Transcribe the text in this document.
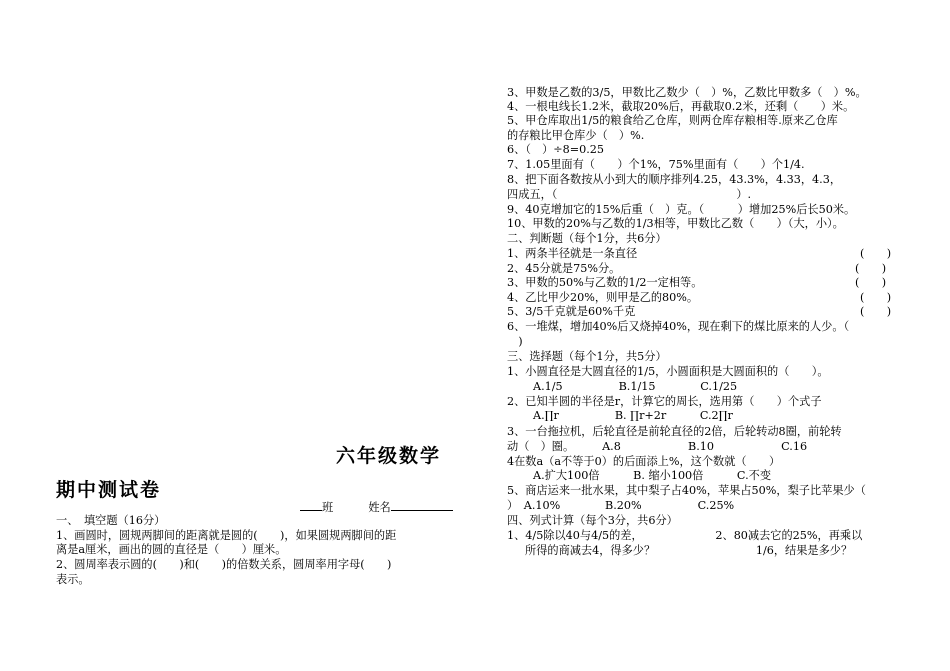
3、甲数是乙数的3/5，甲数比乙数少（　）%，乙数比甲数多（　）%。
4、一根电线长1.2米，截取20%后，再截取0.2米，还剩（　　）米。
5、甲仓库取出1/5的粮食给乙仓库，则两仓库存粮相等.原来乙仓库
的存粮比甲仓库少（　）%.
6、（　）÷8=0.25
7、1.05里面有（　　）个1%，75%里面有（　　）个1/4.
8、把下面各数按从小到大的顺序排列4.25，43.3%，4.33，4.3，
四成五，（　　　　　　　　　　　　　　　　）.
9、40克增加它的15%后重（　）克。（　　　）增加25%后长50米。
10、甲数的20%与乙数的1/3相等，甲数比乙数（　　）（大，小）。
二、判断题（每个1分，共6分）
1、两条半径就是一条直径	(　　)
2、45分就是75%分。	(　　)
3、甲数的50%与乙数的1/2一定相等。	(　　)
4、乙比甲少20%，则甲是乙的80%。	(　　)
5、3/5千克就是60%千克	(　　)
6、一堆煤，增加40%后又烧掉40%，现在剩下的煤比原来的人少。（
　)
三、选择题（每个1分，共5分）
1、小圆直径是大圆直径的1/5，小圆面积是大圆面积的（　　）。
A.1/5　　　　　B.1/15　　　　C.1/25
2、已知半圆的半径是r，计算它的周长，选用第（　　）个式子
A.∏r　　　　　B. ∏r+2r　　　C.2∏r
3、一台拖拉机，后轮直径是前轮直径的2倍，后轮转动8圈，前轮转
动（　）圈。　　　A.8　　　　　　B.10　　　　　　C.16
4在数a（a不等于0）的后面添上%，这个数就（　　）
A.扩大100倍　　　B. 缩小100倍　　　C.不变
5、商店运来一批水果，其中梨子占40%，苹果占50%，梨子比苹果少（
）　A.10%　　　　B.20%　　　　　C.25%
四、列式计算（每个3分，共6分）
1、4/5除以40与4/5的差，　　　　　　　2、80减去它的25%，再乘以
所得的商减去4，得多少？　　　　　　　　　1/6，结果是多少？
六年级数学
期中测试卷
班	姓名
一、　填空题（16分）
1、画圆时，圆规两脚间的距离就是圆的(　　)，如果圆规两脚间的距
离是a厘米，画出的圆的直径是（　　）厘米。
2、圆周率表示圆的(　　)和(　　)的倍数关系，圆周率用字母(　　)
表示。
